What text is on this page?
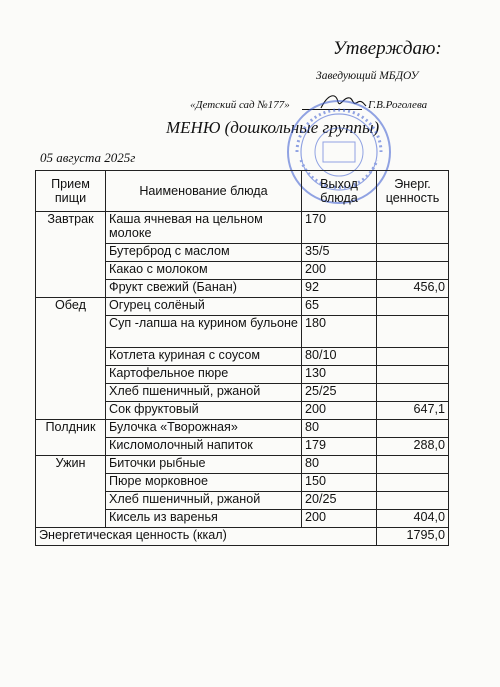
Утверждаю:
Заведующий МБДОУ
«Детский сад №177»	Г.В.Роголева
МЕНЮ (дошкольные группы)
05 августа 2025г
Прием пищи	Наименование блюда	Выход блюда	Энерг. ценность
Завтрак	Каша ячневая на цельном молоке	170	
	Бутерброд с маслом	35/5	
	Какао с молоком	200	
	Фрукт свежий (Банан)	92	456,0
Обед	Огурец солёный	65	
	Суп -лапша на курином бульоне	180	
	Котлета куриная с соусом	80/10	
	Картофельное пюре	130	
	Хлеб пшеничный, ржаной	25/25	
	Сок фруктовый	200	647,1
Полдник	Булочка «Творожная»	80	
	Кисломолочный напиток	179	288,0
Ужин	Биточки рыбные	80	
	Пюре морковное	150	
	Хлеб пшеничный, ржаной	20/25	
	Кисель из варенья	200	404,0
Энергетическая ценность (ккал)			1795,0
